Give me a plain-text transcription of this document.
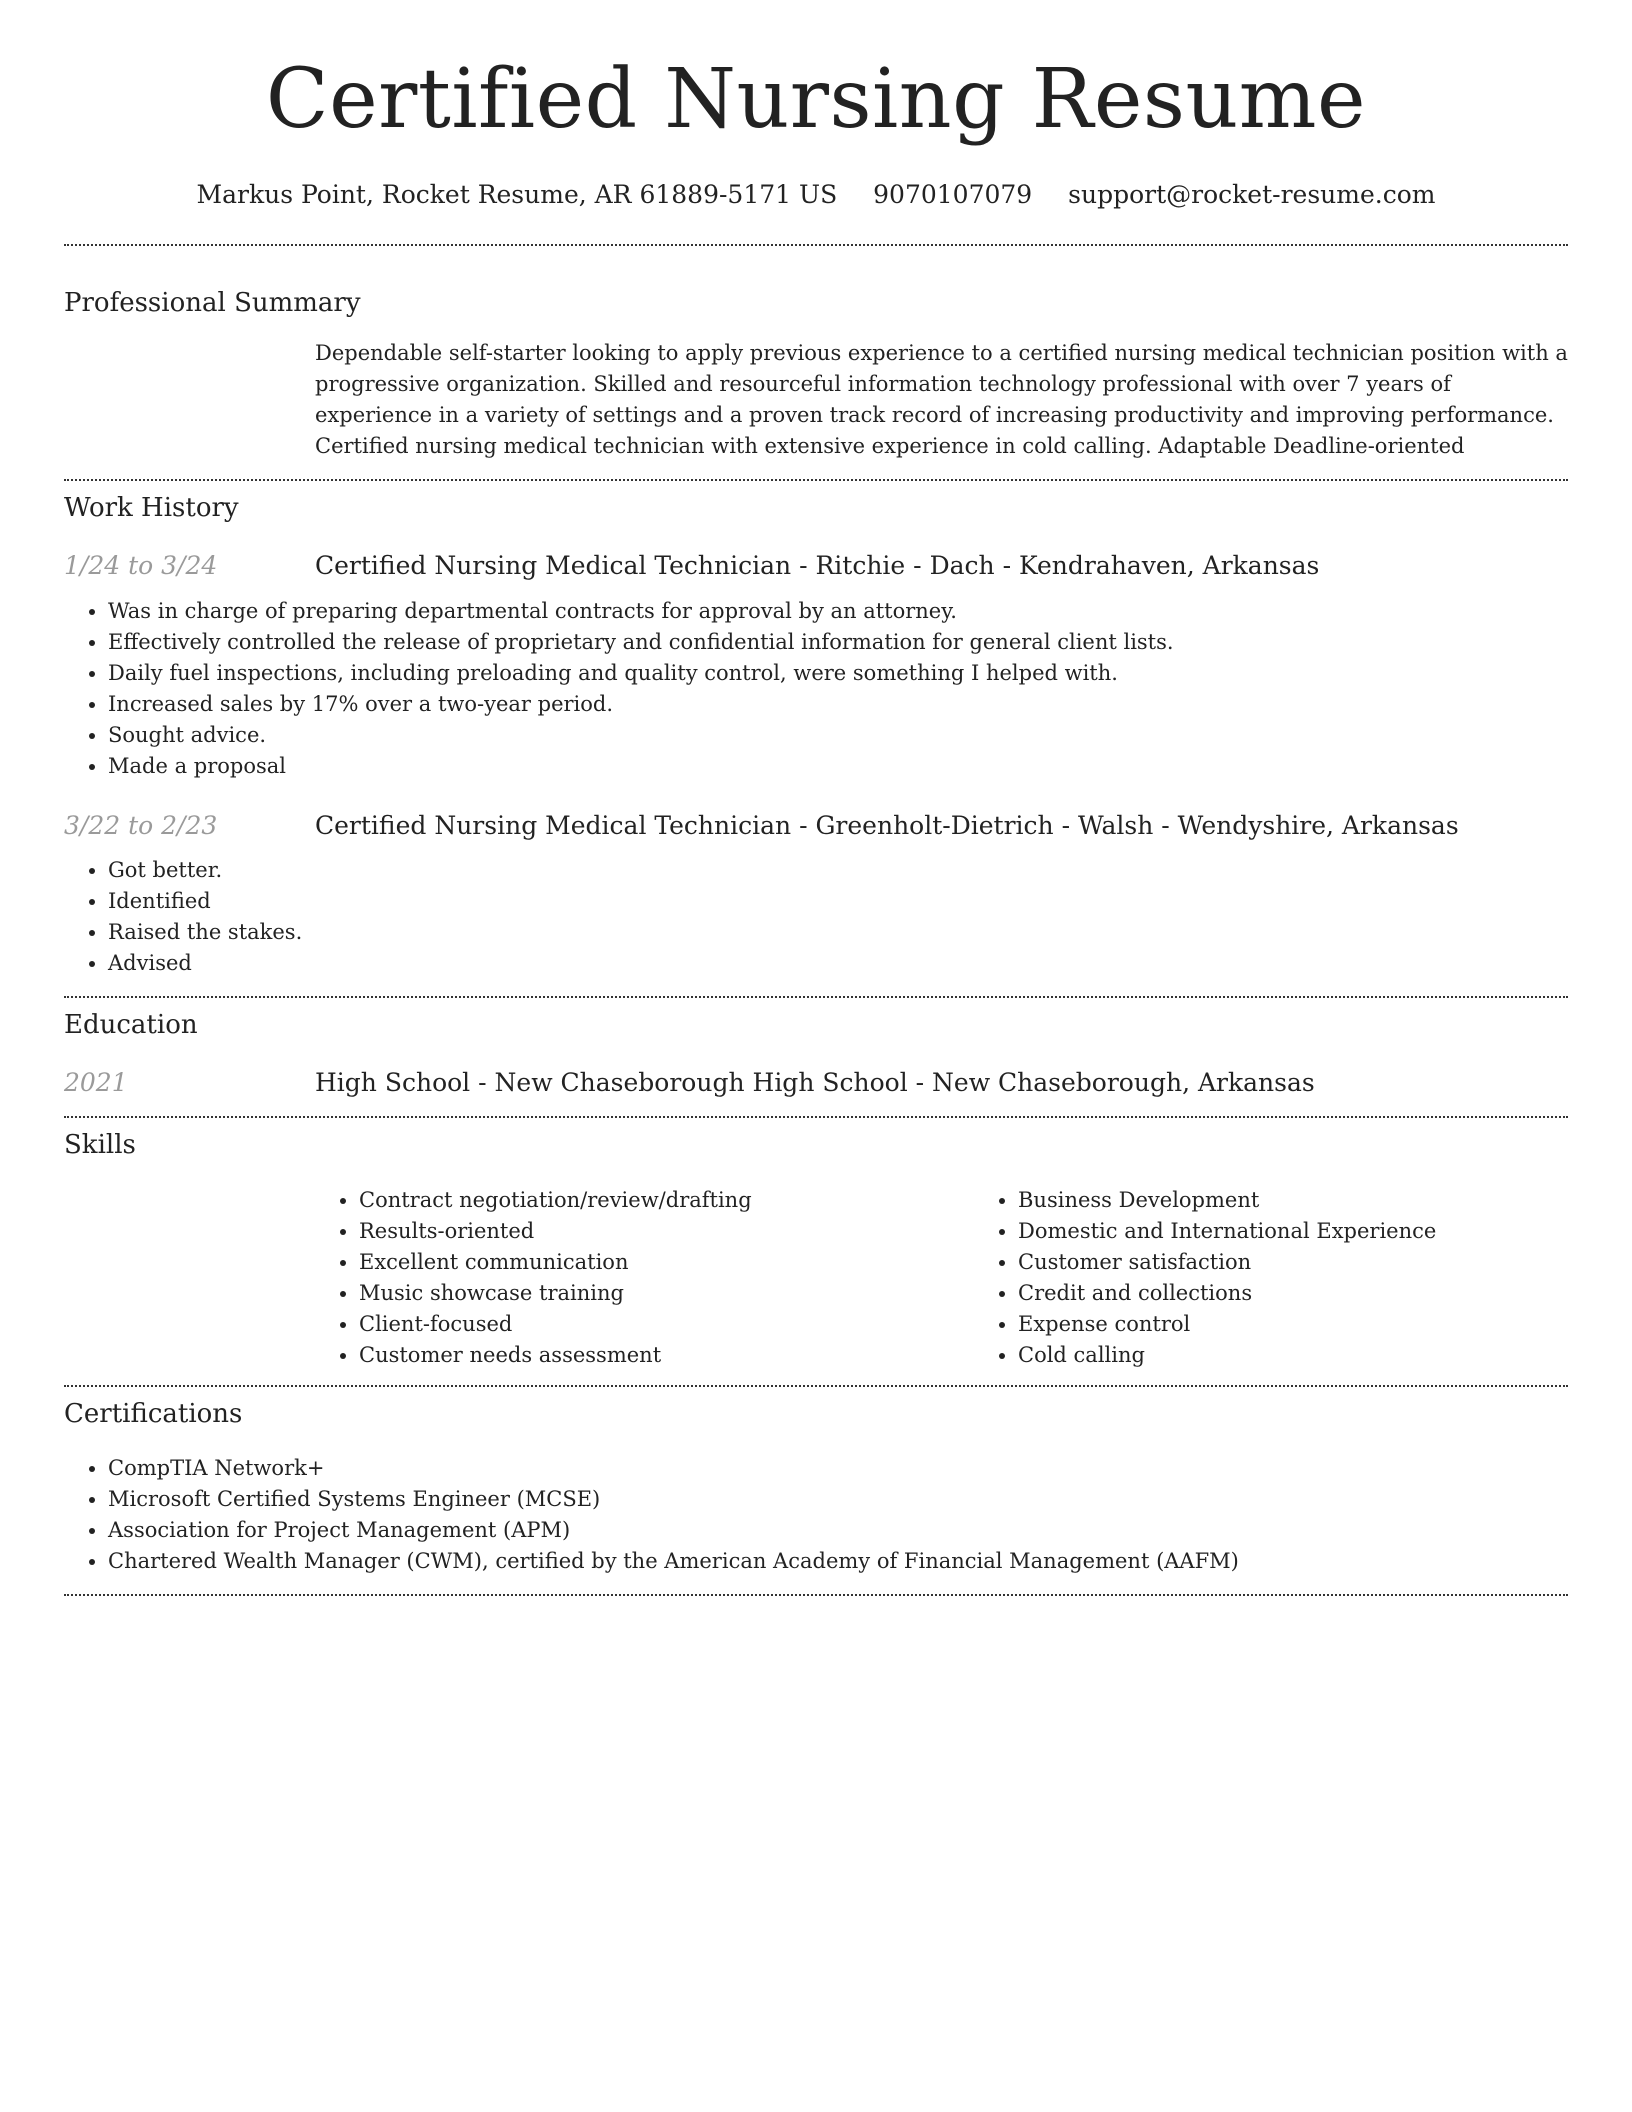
Certified Nursing Resume
Markus Point, Rocket Resume, AR 61889-5171 US 9070107079 support@rocket-resume.com
Professional Summary
Dependable self-starter looking to apply previous experience to a certified nursing medical technician position with a progressive organization. Skilled and resourceful information technology professional with over 7 years of experience in a variety of settings and a proven track record of increasing productivity and improving performance. Certified nursing medical technician with extensive experience in cold calling. Adaptable Deadline-oriented
Work History
1/24 to 3/24	Certified Nursing Medical Technician - Ritchie - Dach - Kendrahaven, Arkansas
• Was in charge of preparing departmental contracts for approval by an attorney.
• Effectively controlled the release of proprietary and confidential information for general client lists.
• Daily fuel inspections, including preloading and quality control, were something I helped with.
• Increased sales by 17% over a two-year period.
• Sought advice.
• Made a proposal
3/22 to 2/23	Certified Nursing Medical Technician - Greenholt-Dietrich - Walsh - Wendyshire, Arkansas
• Got better.
• Identified
• Raised the stakes.
• Advised
Education
2021	High School - New Chaseborough High School - New Chaseborough, Arkansas
Skills
• Contract negotiation/review/drafting
• Results-oriented
• Excellent communication
• Music showcase training
• Client-focused
• Customer needs assessment
• Business Development
• Domestic and International Experience
• Customer satisfaction
• Credit and collections
• Expense control
• Cold calling
Certifications
• CompTIA Network+
• Microsoft Certified Systems Engineer (MCSE)
• Association for Project Management (APM)
• Chartered Wealth Manager (CWM), certified by the American Academy of Financial Management (AAFM)
